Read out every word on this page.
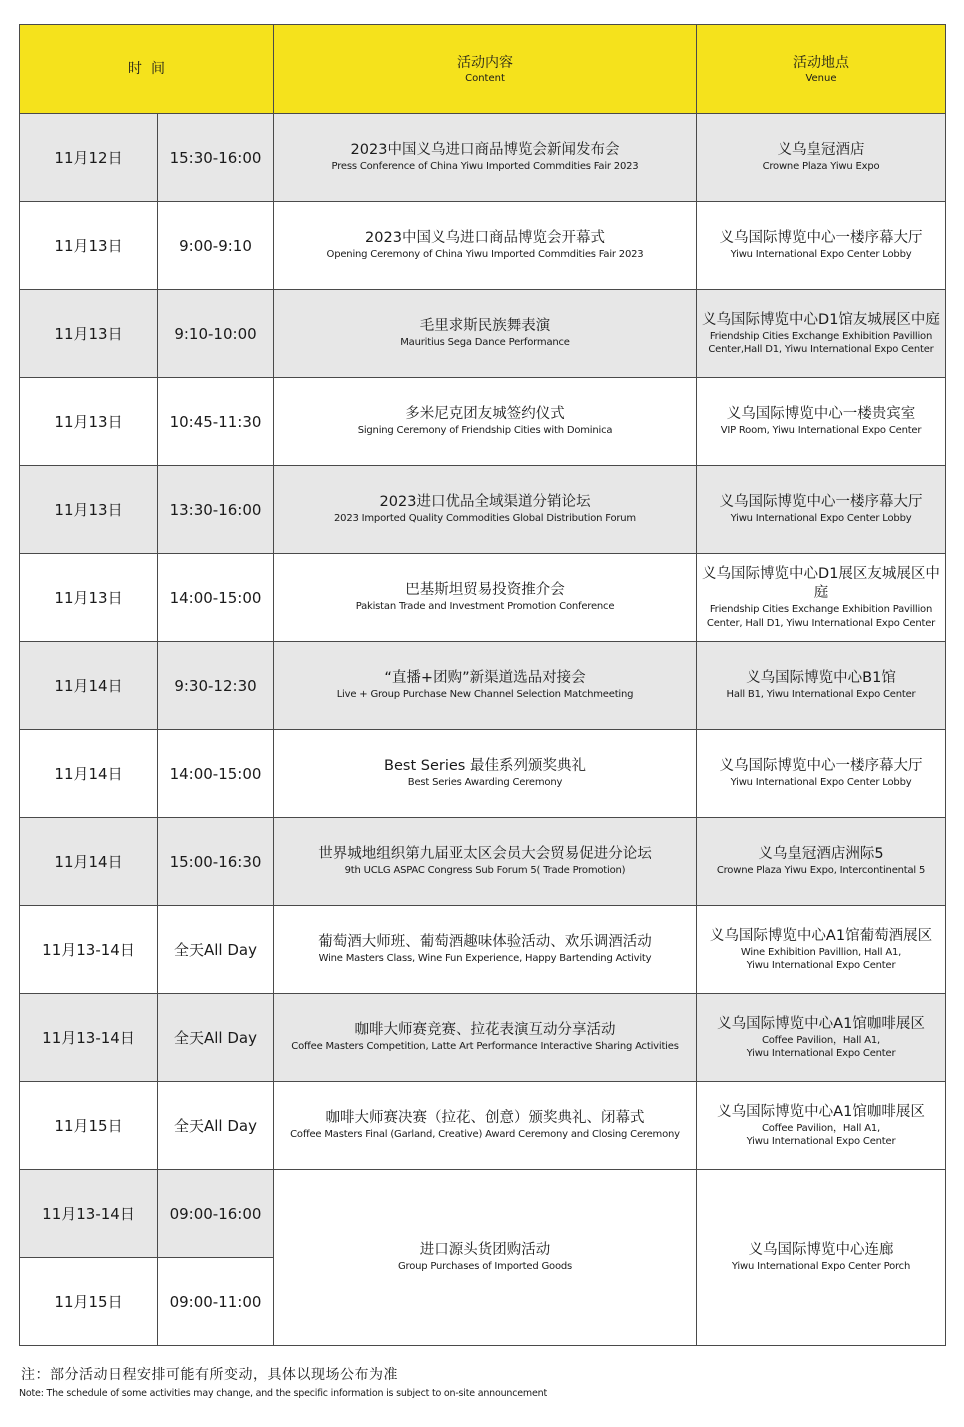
时  间		活动内容
Content	活动地点
Venue

11月12日	15:30-16:00	2023中国义乌进口商品博览会新闻发布会
Press Conference of China Yiwu Imported Commdities Fair 2023	义乌皇冠酒店
Crowne Plaza Yiwu Expo

11月13日	9:00-9:10	2023中国义乌进口商品博览会开幕式
Opening Ceremony of China Yiwu Imported Commdities Fair 2023	义乌国际博览中心一楼序幕大厅
Yiwu International Expo Center Lobby

11月13日	9:10-10:00	毛里求斯民族舞表演
Mauritius Sega Dance Performance	义乌国际博览中心D1馆友城展区中庭
Friendship Cities Exchange Exhibition Pavillion
Center,Hall D1, Yiwu International Expo Center

11月13日	10:45-11:30	多米尼克团友城签约仪式
Signing Ceremony of Friendship Cities with Dominica	义乌国际博览中心一楼贵宾室
VIP Room, Yiwu International Expo Center

11月13日	13:30-16:00	2023进口优品全域渠道分销论坛
2023 Imported Quality Commodities Global Distribution Forum	义乌国际博览中心一楼序幕大厅
Yiwu International Expo Center Lobby

11月13日	14:00-15:00	巴基斯坦贸易投资推介会
Pakistan Trade and Investment Promotion Conference	义乌国际博览中心D1展区友城展区中庭
Friendship Cities Exchange Exhibition Pavillion
Center, Hall D1, Yiwu International Expo Center

11月14日	9:30-12:30	“直播+团购”新渠道选品对接会
Live + Group Purchase New Channel Selection Matchmeeting	义乌国际博览中心B1馆
Hall B1, Yiwu International Expo Center

11月14日	14:00-15:00	Best Series 最佳系列颁奖典礼
Best Series Awarding Ceremony	义乌国际博览中心一楼序幕大厅
Yiwu International Expo Center Lobby

11月14日	15:00-16:30	世界城地组织第九届亚太区会员大会贸易促进分论坛
9th UCLG ASPAC Congress Sub Forum 5( Trade Promotion)	义乌皇冠酒店洲际5
Crowne Plaza Yiwu Expo, Intercontinental 5

11月13-14日	全天All Day	葡萄酒大师班、葡萄酒趣味体验活动、欢乐调酒活动
Wine Masters Class, Wine Fun Experience, Happy Bartending Activity	义乌国际博览中心A1馆葡萄酒展区
Wine Exhibition Pavillion, Hall A1,
Yiwu International Expo Center

11月13-14日	全天All Day	咖啡大师赛竞赛、拉花表演互动分享活动
Coffee Masters Competition, Latte Art Performance Interactive Sharing Activities	义乌国际博览中心A1馆咖啡展区
Coffee Pavilion，Hall A1,
Yiwu International Expo Center

11月15日	全天All Day	咖啡大师赛决赛（拉花、创意）颁奖典礼、闭幕式
Coffee Masters Final (Garland, Creative) Award Ceremony and Closing Ceremony	义乌国际博览中心A1馆咖啡展区
Coffee Pavilion，Hall A1,
Yiwu International Expo Center

11月13-14日	09:00-16:00	进口源头货团购活动
Group Purchases of Imported Goods	义乌国际博览中心连廊
Yiwu International Expo Center Porch

11月15日	09:00-11:00		
注：部分活动日程安排可能有所变动，具体以现场公布为准
Note: The schedule of some activities may change, and the specific information is subject to on-site announcement
